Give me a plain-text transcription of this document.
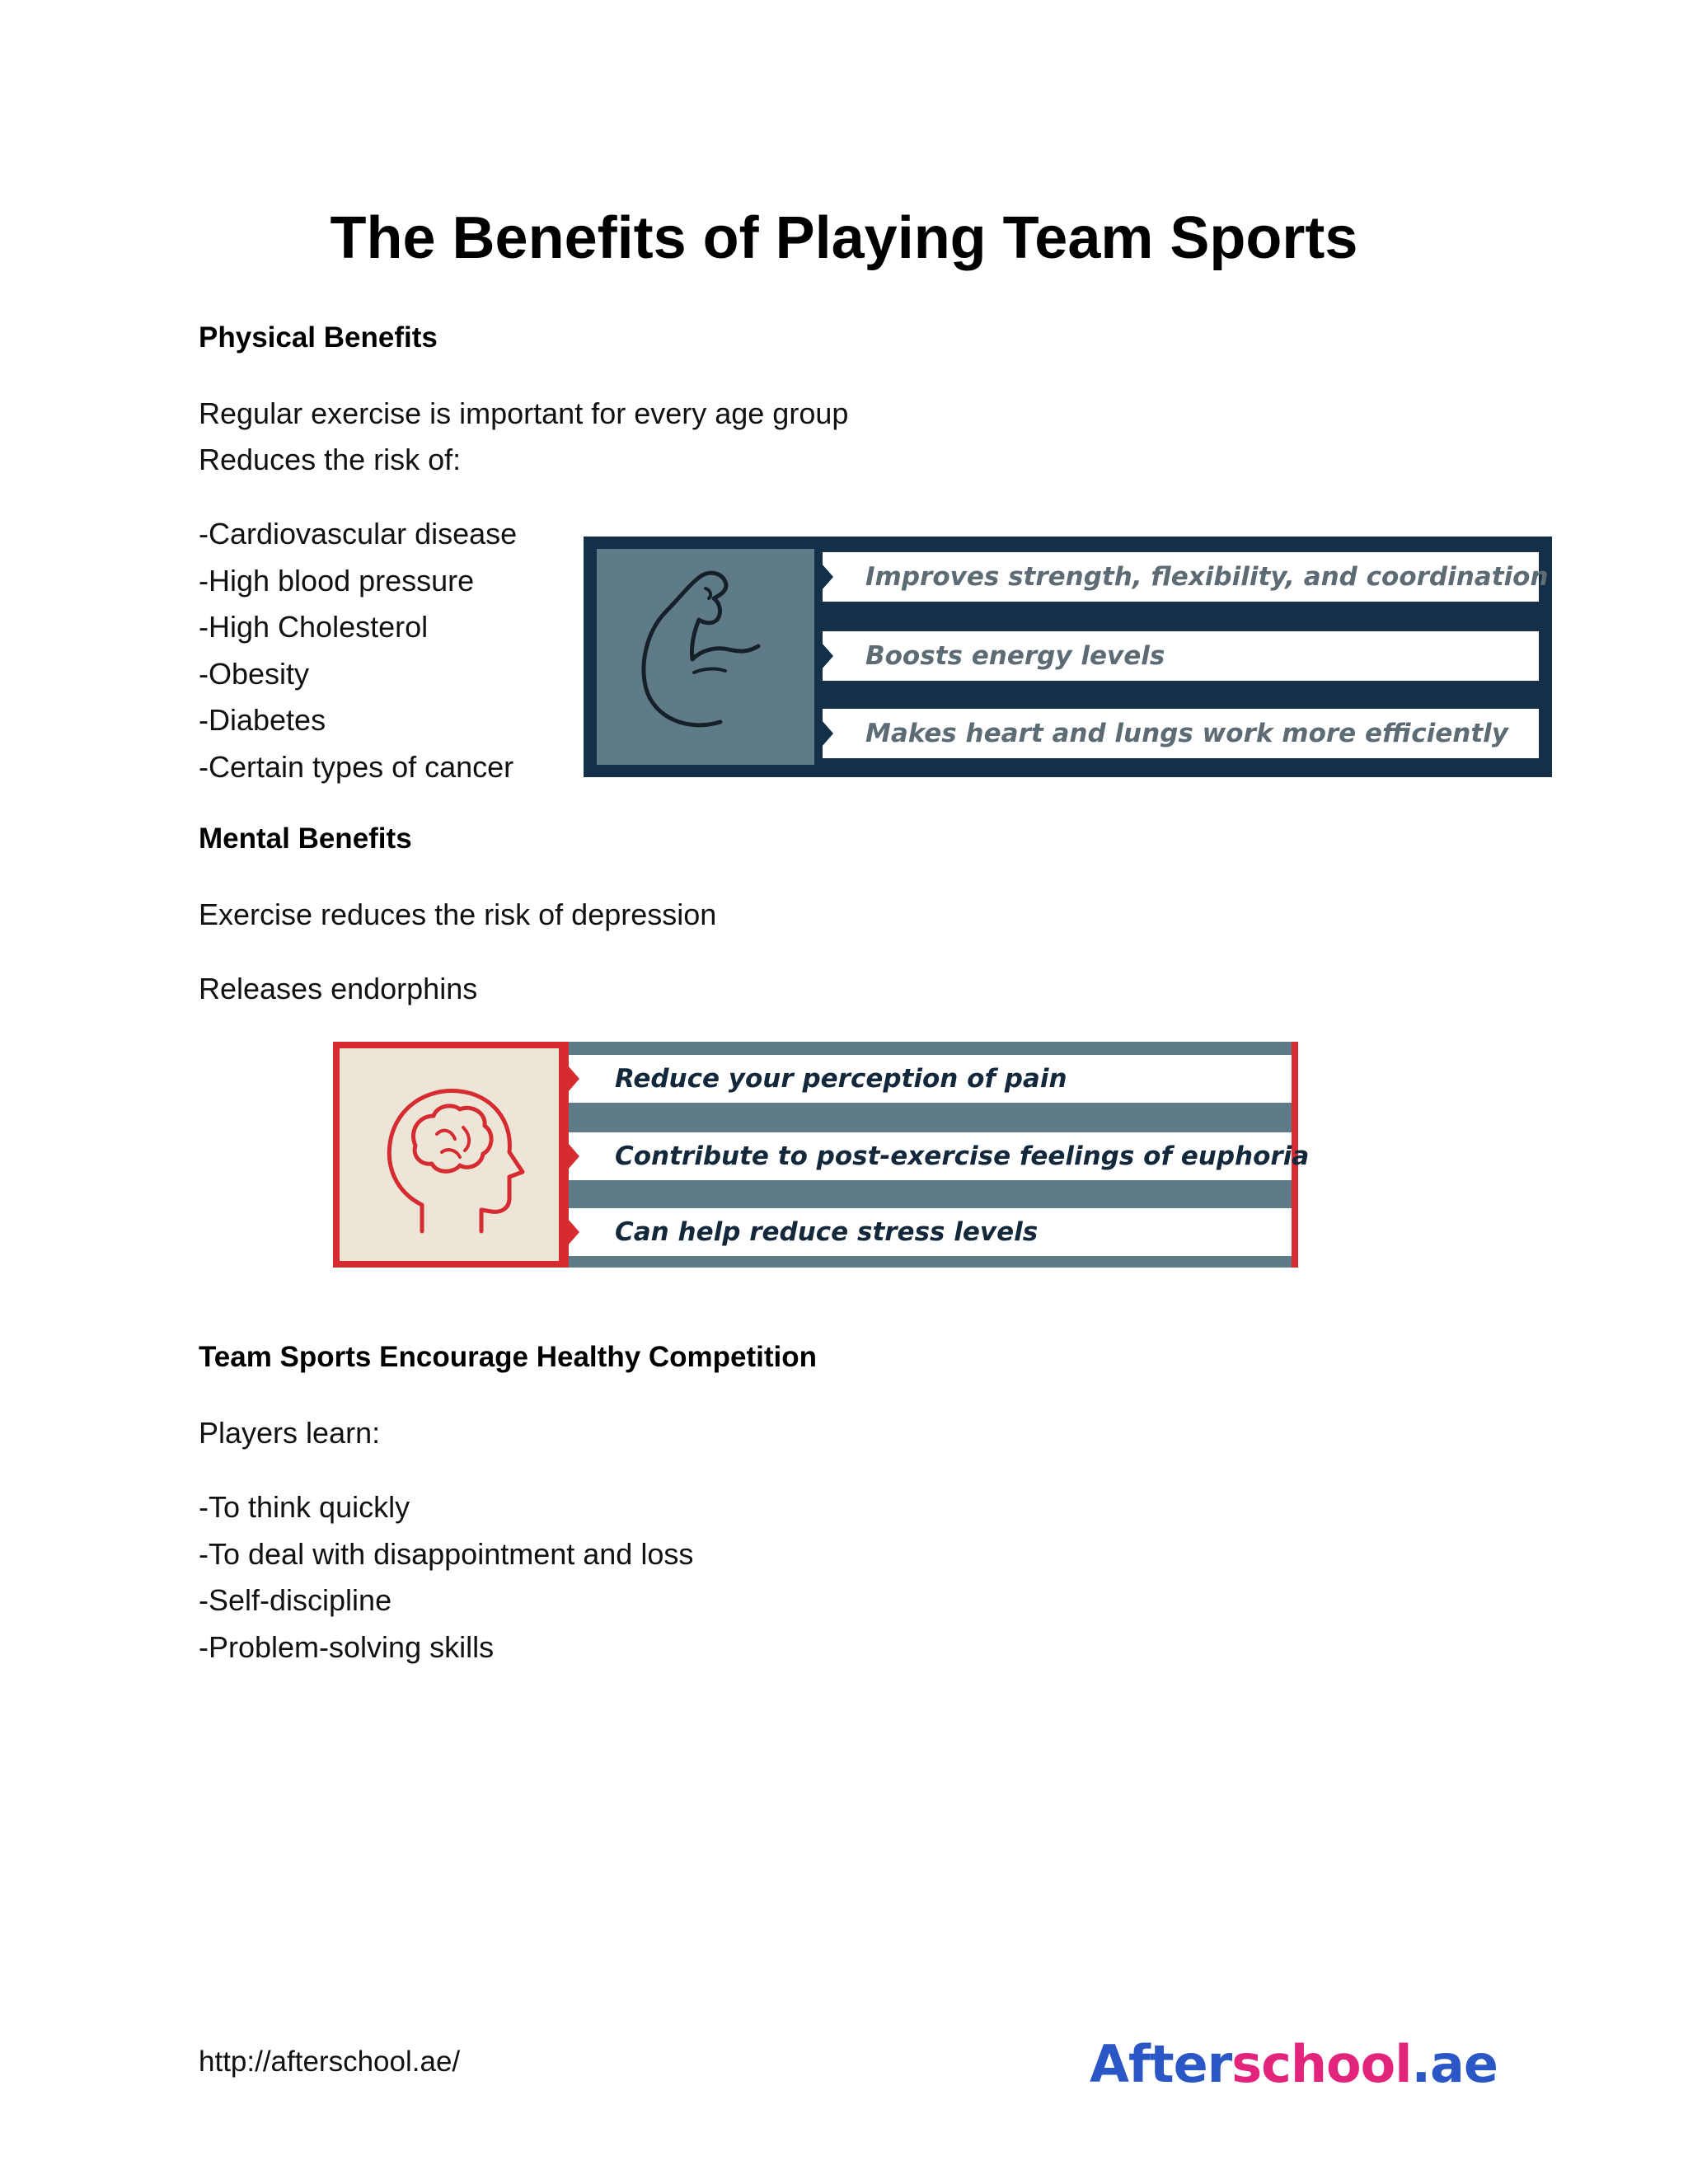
The Benefits of Playing Team Sports
Physical Benefits
Regular exercise is important for every age group
Reduces the risk of:
-Cardiovascular disease
-High blood pressure
-High Cholesterol
-Obesity
-Diabetes
-Certain types of cancer
Improves strength, flexibility, and coordination
Boosts energy levels
Makes heart and lungs work more efficiently
Mental Benefits
Exercise reduces the risk of depression
Releases endorphins
Reduce your perception of pain
Contribute to post-exercise feelings of euphoria
Can help reduce stress levels
Team Sports Encourage Healthy Competition
Players learn:
-To think quickly
-To deal with disappointment and loss
-Self-discipline
-Problem-solving skills
http://afterschool.ae/	Afterschool.ae
